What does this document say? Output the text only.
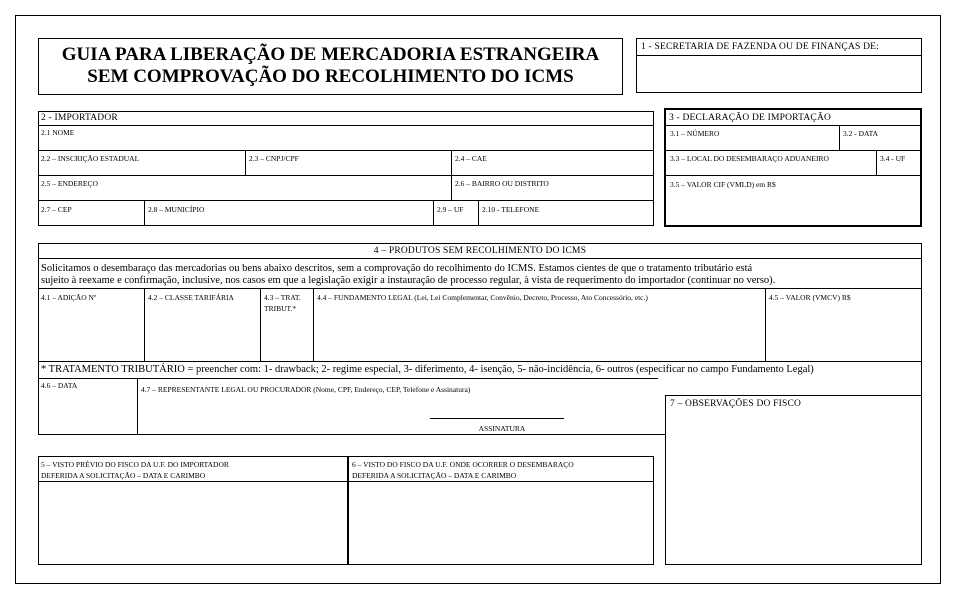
GUIA PARA LIBERAÇÃO DE MERCADORIA ESTRANGEIRA
SEM COMPROVAÇÃO DO RECOLHIMENTO DO ICMS
1 - SECRETARIA DE FAZENDA OU DE FINANÇAS DE:
2 - IMPORTADOR
2.1 NOME
2.2 – INSCRIÇÃO ESTADUAL	2.3 – CNPJ/CPF	2.4 – CAE
2.5 – ENDEREÇO	2.6 – BAIRRO OU DISTRITO
2.7 – CEP	2.8 – MUNICÍPIO	2.9 – UF 2.10 - TELEFONE
3 - DECLARAÇÃO DE IMPORTAÇÃO
3.1 – NÚMERO	3.2 - DATA
3.3 – LOCAL DO DESEMBARAÇO ADUANEIRO	3.4 - UF
3.5 – VALOR CIF (VMLD) em R$
4 – PRODUTOS SEM RECOLHIMENTO DO ICMS
Solicitamos o desembaraço das mercadorias ou bens abaixo descritos, sem a comprovação do recolhimento do ICMS. Estamos cientes de que o tratamento tributário está
sujeito à reexame e confirmação, inclusive, nos casos em que a legislação exigir a instauração de processo regular, à vista de requerimento do importador (continuar no verso).
4.1 – ADIÇÃO Nº	4.2 – CLASSE TARIFÁRIA	4.3 – TRAT.
TRIBUT.*
4.4 – FUNDAMENTO LEGAL (Lei, Lei Complementar, Convênio, Decreto, Processo, Ato Concessório, etc.)	4.5 – VALOR (VMCV) R$
* TRATAMENTO TRIBUTÁRIO = preencher com: 1- drawback; 2- regime especial, 3- diferimento, 4- isenção, 5- não-incidência, 6- outros (especificar no campo Fundamento Legal)
4.6 – DATA	4.7 – REPRESENTANTE LEGAL OU PROCURADOR (Nome, CPF, Endereço, CEP, Telefone e Assinatura)
ASSINATURA
7 – OBSERVAÇÕES DO FISCO
5 – VISTO PRÉVIO DO FISCO DA U.F. DO IMPORTADOR
DEFERIDA A SOLICITAÇÃO – DATA E CARIMBO
6 – VISTO DO FISCO DA U.F. ONDE OCORRER O DESEMBARAÇO
DEFERIDA A SOLICITAÇÃO – DATA E CARIMBO
